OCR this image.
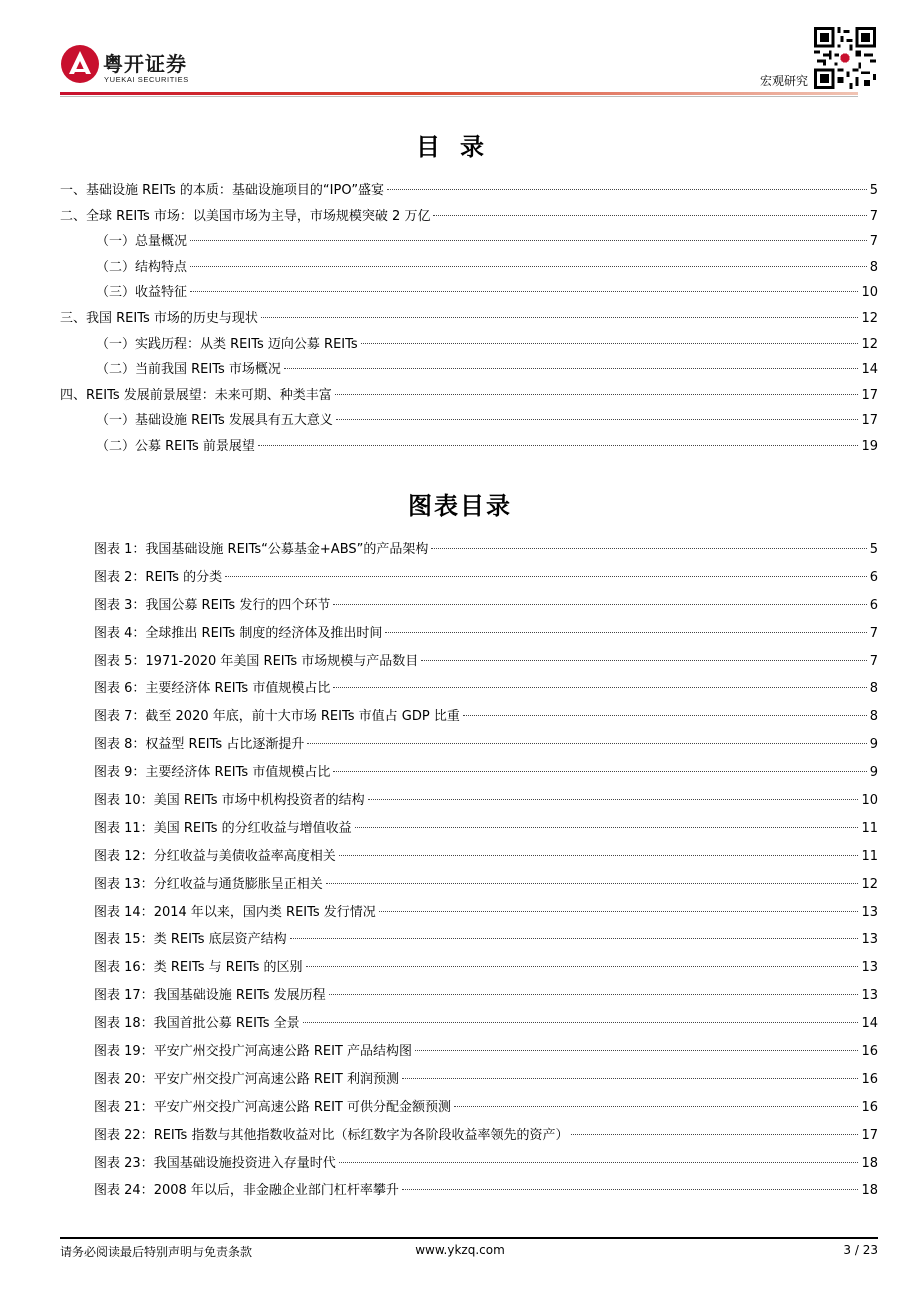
粤开证券
YUEKAI SECURITIES	宏观研究
目录
一、基础设施 REITs 的本质：基础设施项目的“IPO”盛宴	5
二、全球 REITs 市场：以美国市场为主导，市场规模突破 2 万亿	7
（一）总量概况	7
（二）结构特点	8
（三）收益特征	10
三、我国 REITs 市场的历史与现状	12
（一）实践历程：从类 REITs 迈向公募 REITs	12
（二）当前我国 REITs 市场概况	14
四、REITs 发展前景展望：未来可期、种类丰富	17
（一）基础设施 REITs 发展具有五大意义	17
（二）公募 REITs 前景展望	19
图表目录
图表 1： 我国基础设施 REITs“公募基金+ABS”的产品架构	5
图表 2： REITs 的分类	6
图表 3： 我国公募 REITs 发行的四个环节	6
图表 4： 全球推出 REITs 制度的经济体及推出时间	7
图表 5： 1971-2020 年美国 REITs 市场规模与产品数目	7
图表 6： 主要经济体 REITs 市值规模占比	8
图表 7： 截至 2020 年底，前十大市场 REITs 市值占 GDP 比重	8
图表 8： 权益型 REITs 占比逐渐提升	9
图表 9： 主要经济体 REITs 市值规模占比	9
图表 10： 美国 REITs 市场中机构投资者的结构	10
图表 11： 美国 REITs 的分红收益与增值收益	11
图表 12： 分红收益与美债收益率高度相关	11
图表 13： 分红收益与通货膨胀呈正相关	12
图表 14： 2014 年以来，国内类 REITs 发行情况	13
图表 15： 类 REITs 底层资产结构	13
图表 16： 类 REITs 与 REITs 的区别	13
图表 17： 我国基础设施 REITs 发展历程	13
图表 18： 我国首批公募 REITs 全景	14
图表 19： 平安广州交投广河高速公路 REIT 产品结构图	16
图表 20： 平安广州交投广河高速公路 REIT 利润预测	16
图表 21： 平安广州交投广河高速公路 REIT 可供分配金额预测	16
图表 22： REITs 指数与其他指数收益对比（标红数字为各阶段收益率领先的资产）	17
图表 23： 我国基础设施投资进入存量时代	18
图表 24： 2008 年以后，非金融企业部门杠杆率攀升	18
请务必阅读最后特别声明与免责条款	www.ykzq.com	3 / 23
